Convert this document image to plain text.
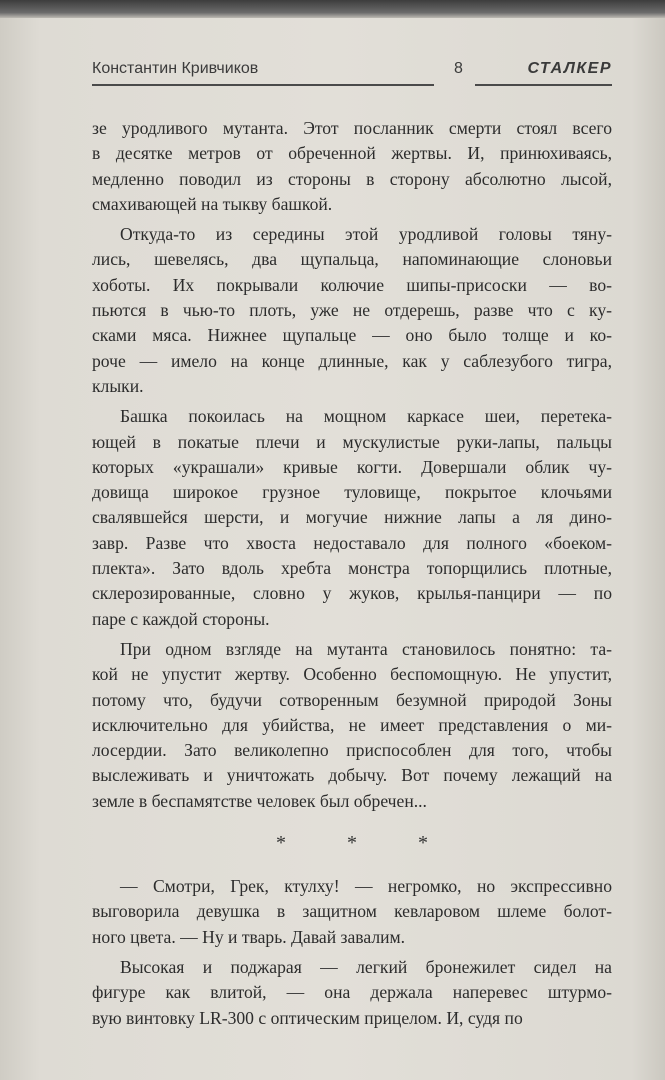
Константин Кривчиков	8	СТАЛКЕР
зе уродливого мутанта. Этот посланник смерти стоял всего
в десятке метров от обреченной жертвы. И, принюхиваясь,
медленно поводил из стороны в сторону абсолютно лысой,
смахивающей на тыкву башкой.
Откуда-то из середины этой уродливой головы тяну-
лись, шевелясь, два щупальца, напоминающие слоновьи
хоботы. Их покрывали колючие шипы-присоски — во-
пьются в чью-то плоть, уже не отдерешь, разве что с ку-
сками мяса. Нижнее щупальце — оно было толще и ко-
роче — имело на конце длинные, как у саблезубого тигра,
клыки.
Башка покоилась на мощном каркасе шеи, перетека-
ющей в покатые плечи и мускулистые руки-лапы, пальцы
которых «украшали» кривые когти. Довершали облик чу-
довища широкое грузное туловище, покрытое клочьями
свалявшейся шерсти, и могучие нижние лапы а ля дино-
завр. Разве что хвоста недоставало для полного «боеком-
плекта». Зато вдоль хребта монстра топорщились плотные,
склерозированные, словно у жуков, крылья-панцири — по
паре с каждой стороны.
При одном взгляде на мутанта становилось понятно: та-
кой не упустит жертву. Особенно беспомощную. Не упустит,
потому что, будучи сотворенным безумной природой Зоны
исключительно для убийства, не имеет представления о ми-
лосердии. Зато великолепно приспособлен для того, чтобы
выслеживать и уничтожать добычу. Вот почему лежащий на
земле в беспамятстве человек был обречен...
* * *
— Смотри, Грек, ктулху! — негромко, но экспрессивно
выговорила девушка в защитном кевларовом шлеме болот-
ного цвета. — Ну и тварь. Давай завалим.
Высокая и поджарая — легкий бронежилет сидел на
фигуре как влитой, — она держала наперевес штурмо-
вую винтовку LR-300 с оптическим прицелом. И, судя по
